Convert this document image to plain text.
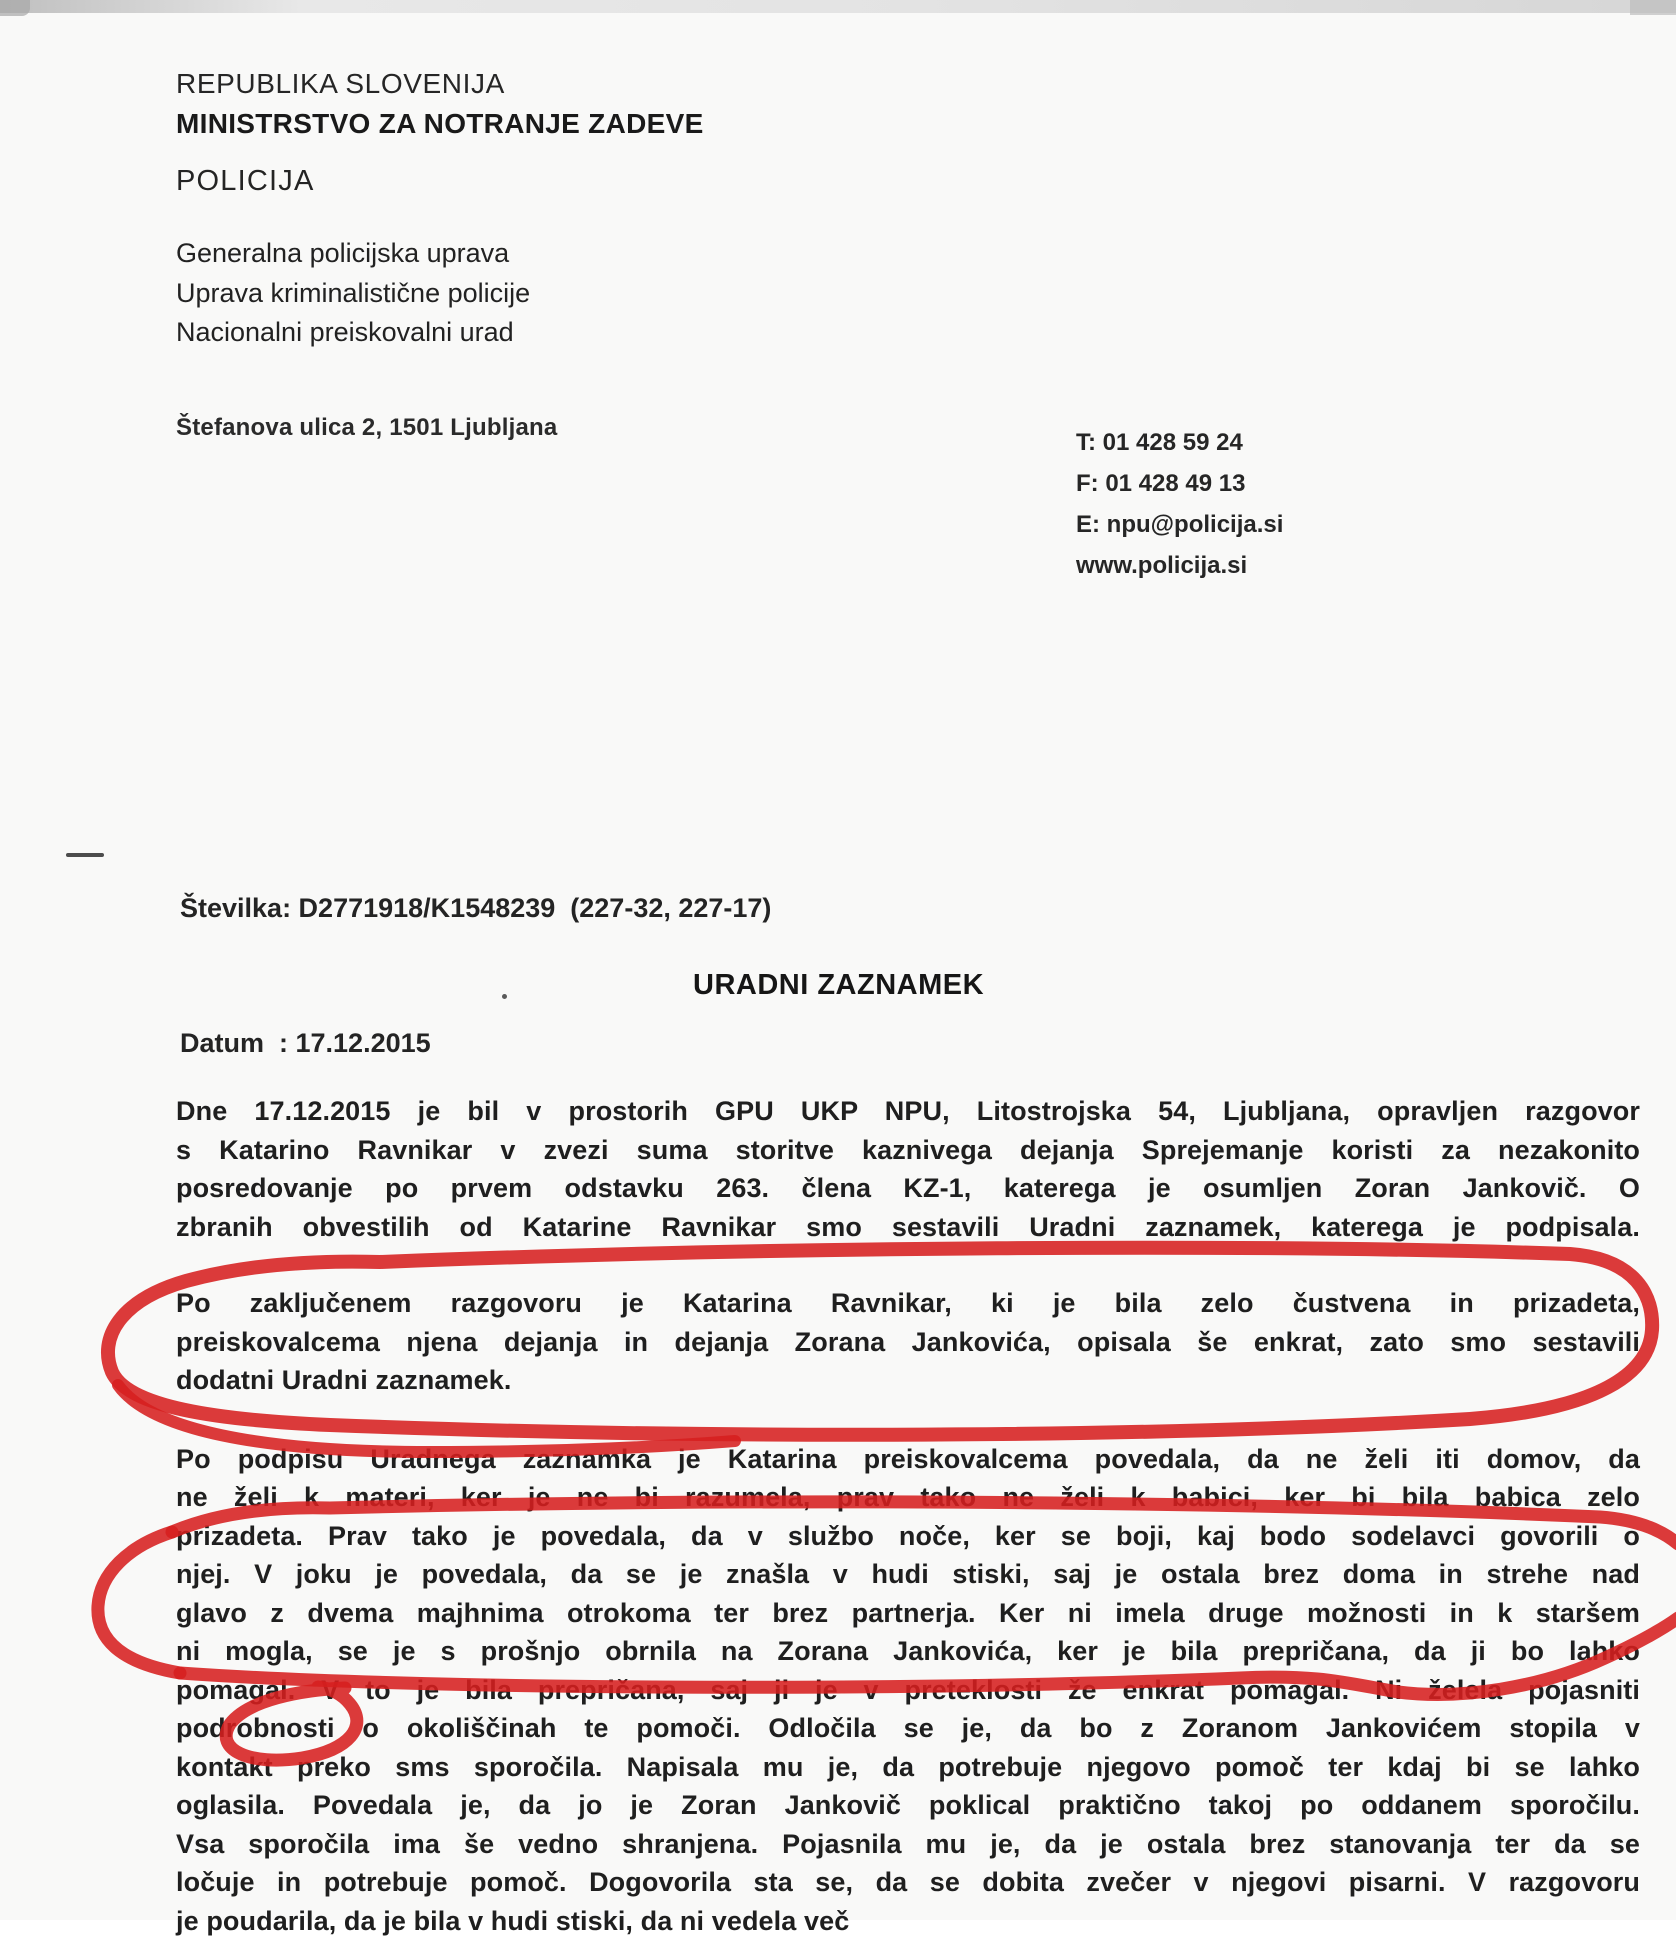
REPUBLIKA SLOVENIJA
MINISTRSTVO ZA NOTRANJE ZADEVE
POLICIJA
Generalna policijska uprava
Uprava kriminalistične policije
Nacionalni preiskovalni urad
Štefanova ulica 2, 1501 Ljubljana
T: 01 428 59 24
F: 01 428 49 13
E: npu@policija.si
www.policija.si

Številka: D2771918/K1548239  (227-32, 227-17)

Datum  : 17.12.2015

URADNI ZAZNAMEK
Dne 17.12.2015 je bil v prostorih GPU UKP NPU, Litostrojska 54, Ljubljana, opravljen razgovor
s Katarino Ravnikar v zvezi suma storitve kaznivega dejanja Sprejemanje koristi za nezakonito
posredovanje po prvem odstavku 263. člena KZ-1, katerega je osumljen Zoran Jankovič. O
zbranih obvestilih od Katarine Ravnikar smo sestavili Uradni zaznamek, katerega je podpisala.
Po zaključenem razgovoru je Katarina Ravnikar, ki je bila zelo čustvena in prizadeta,
preiskovalcema njena dejanja in dejanja Zorana Jankovića, opisala še enkrat, zato smo sestavili
dodatni Uradni zaznamek.
Po podpisu Uradnega zaznamka je Katarina preiskovalcema povedala, da ne želi iti domov, da
ne želi k materi, ker je ne bi razumela, prav tako ne želi k babici, ker bi bila babica zelo
prizadeta. Prav tako je povedala, da v službo noče, ker se boji, kaj bodo sodelavci govorili o
njej. V joku je povedala, da se je znašla v hudi stiski, saj je ostala brez doma in strehe nad
glavo z dvema majhnima otrokoma ter brez partnerja. Ker ni imela druge možnosti in k staršem
ni mogla, se je s prošnjo obrnila na Zorana Jankovića, ker je bila prepričana, da ji bo lahko
pomagal. V to je bila prepričana, saj ji je v preteklosti že enkrat pomagal. Ni želela pojasniti
podrobnosti o okoliščinah te pomoči. Odločila se je, da bo z Zoranom Jankovićem stopila v
kontakt preko sms sporočila. Napisala mu je, da potrebuje njegovo pomoč ter kdaj bi se lahko
oglasila. Povedala je, da jo je Zoran Jankovič poklical praktično takoj po oddanem sporočilu.
Vsa sporočila ima še vedno shranjena. Pojasnila mu je, da je ostala brez stanovanja ter da se
ločuje in potrebuje pomoč. Dogovorila sta se, da se dobita zvečer v njegovi pisarni. V razgovoru
je poudarila, da je bila v hudi stiski, da ni vedela več
